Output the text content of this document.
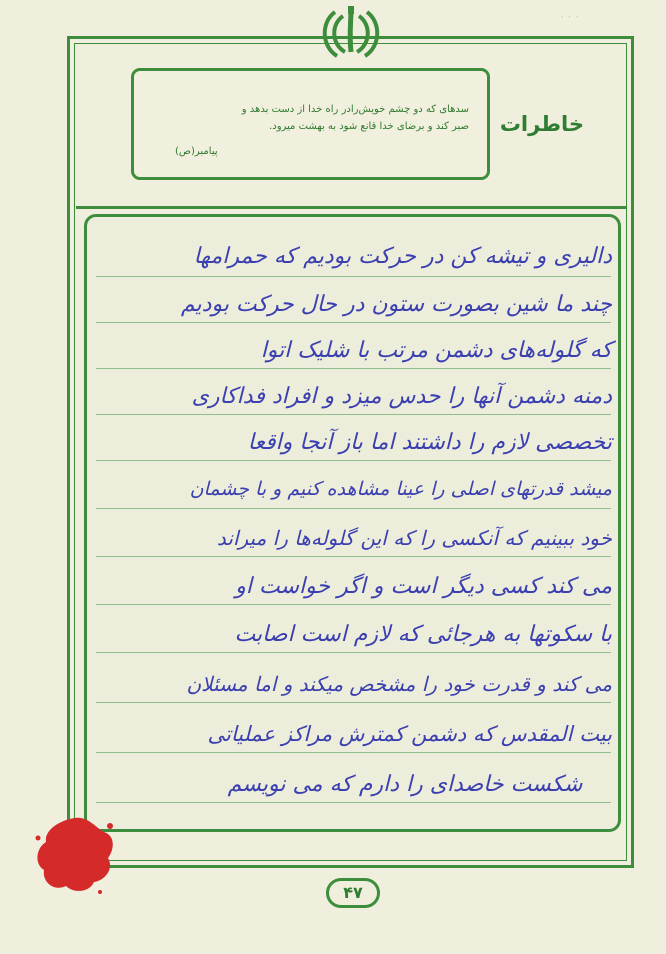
· · ·
خاطرات
سدهای که دو چشم خویش‌رادر راه خدا از دست بدهد و
صبر کند و برضای خدا قانع شود به بهشت میرود.
پیامبر(ص)
دالیری و تیشه کن در حرکت بودیم که حمرامها
چند ما شین بصورت ستون در حال حرکت بودیم
که گلوله‌های دشمن مرتب با شلیک اتوا
دمنه دشمن آنها را حدس میزد و افراد فداکاری
تخصصی لازم را داشتند اما باز آنجا واقعا
میشد قدرتهای اصلی را عینا مشاهده کنیم و با چشمان
خود ببینیم که آنکسی را که این گلوله‌ها را میراند
می کند کسی دیگر است و اگر خواست او
با سکوتها به هرجائی که لازم است اصابت
می کند و قدرت خود را مشخص میکند و اما مسئلان
بیت المقدس که دشمن کمترش مراکز عملیاتی
شکست خاصدای را دارم که می نویسم
۴۷
